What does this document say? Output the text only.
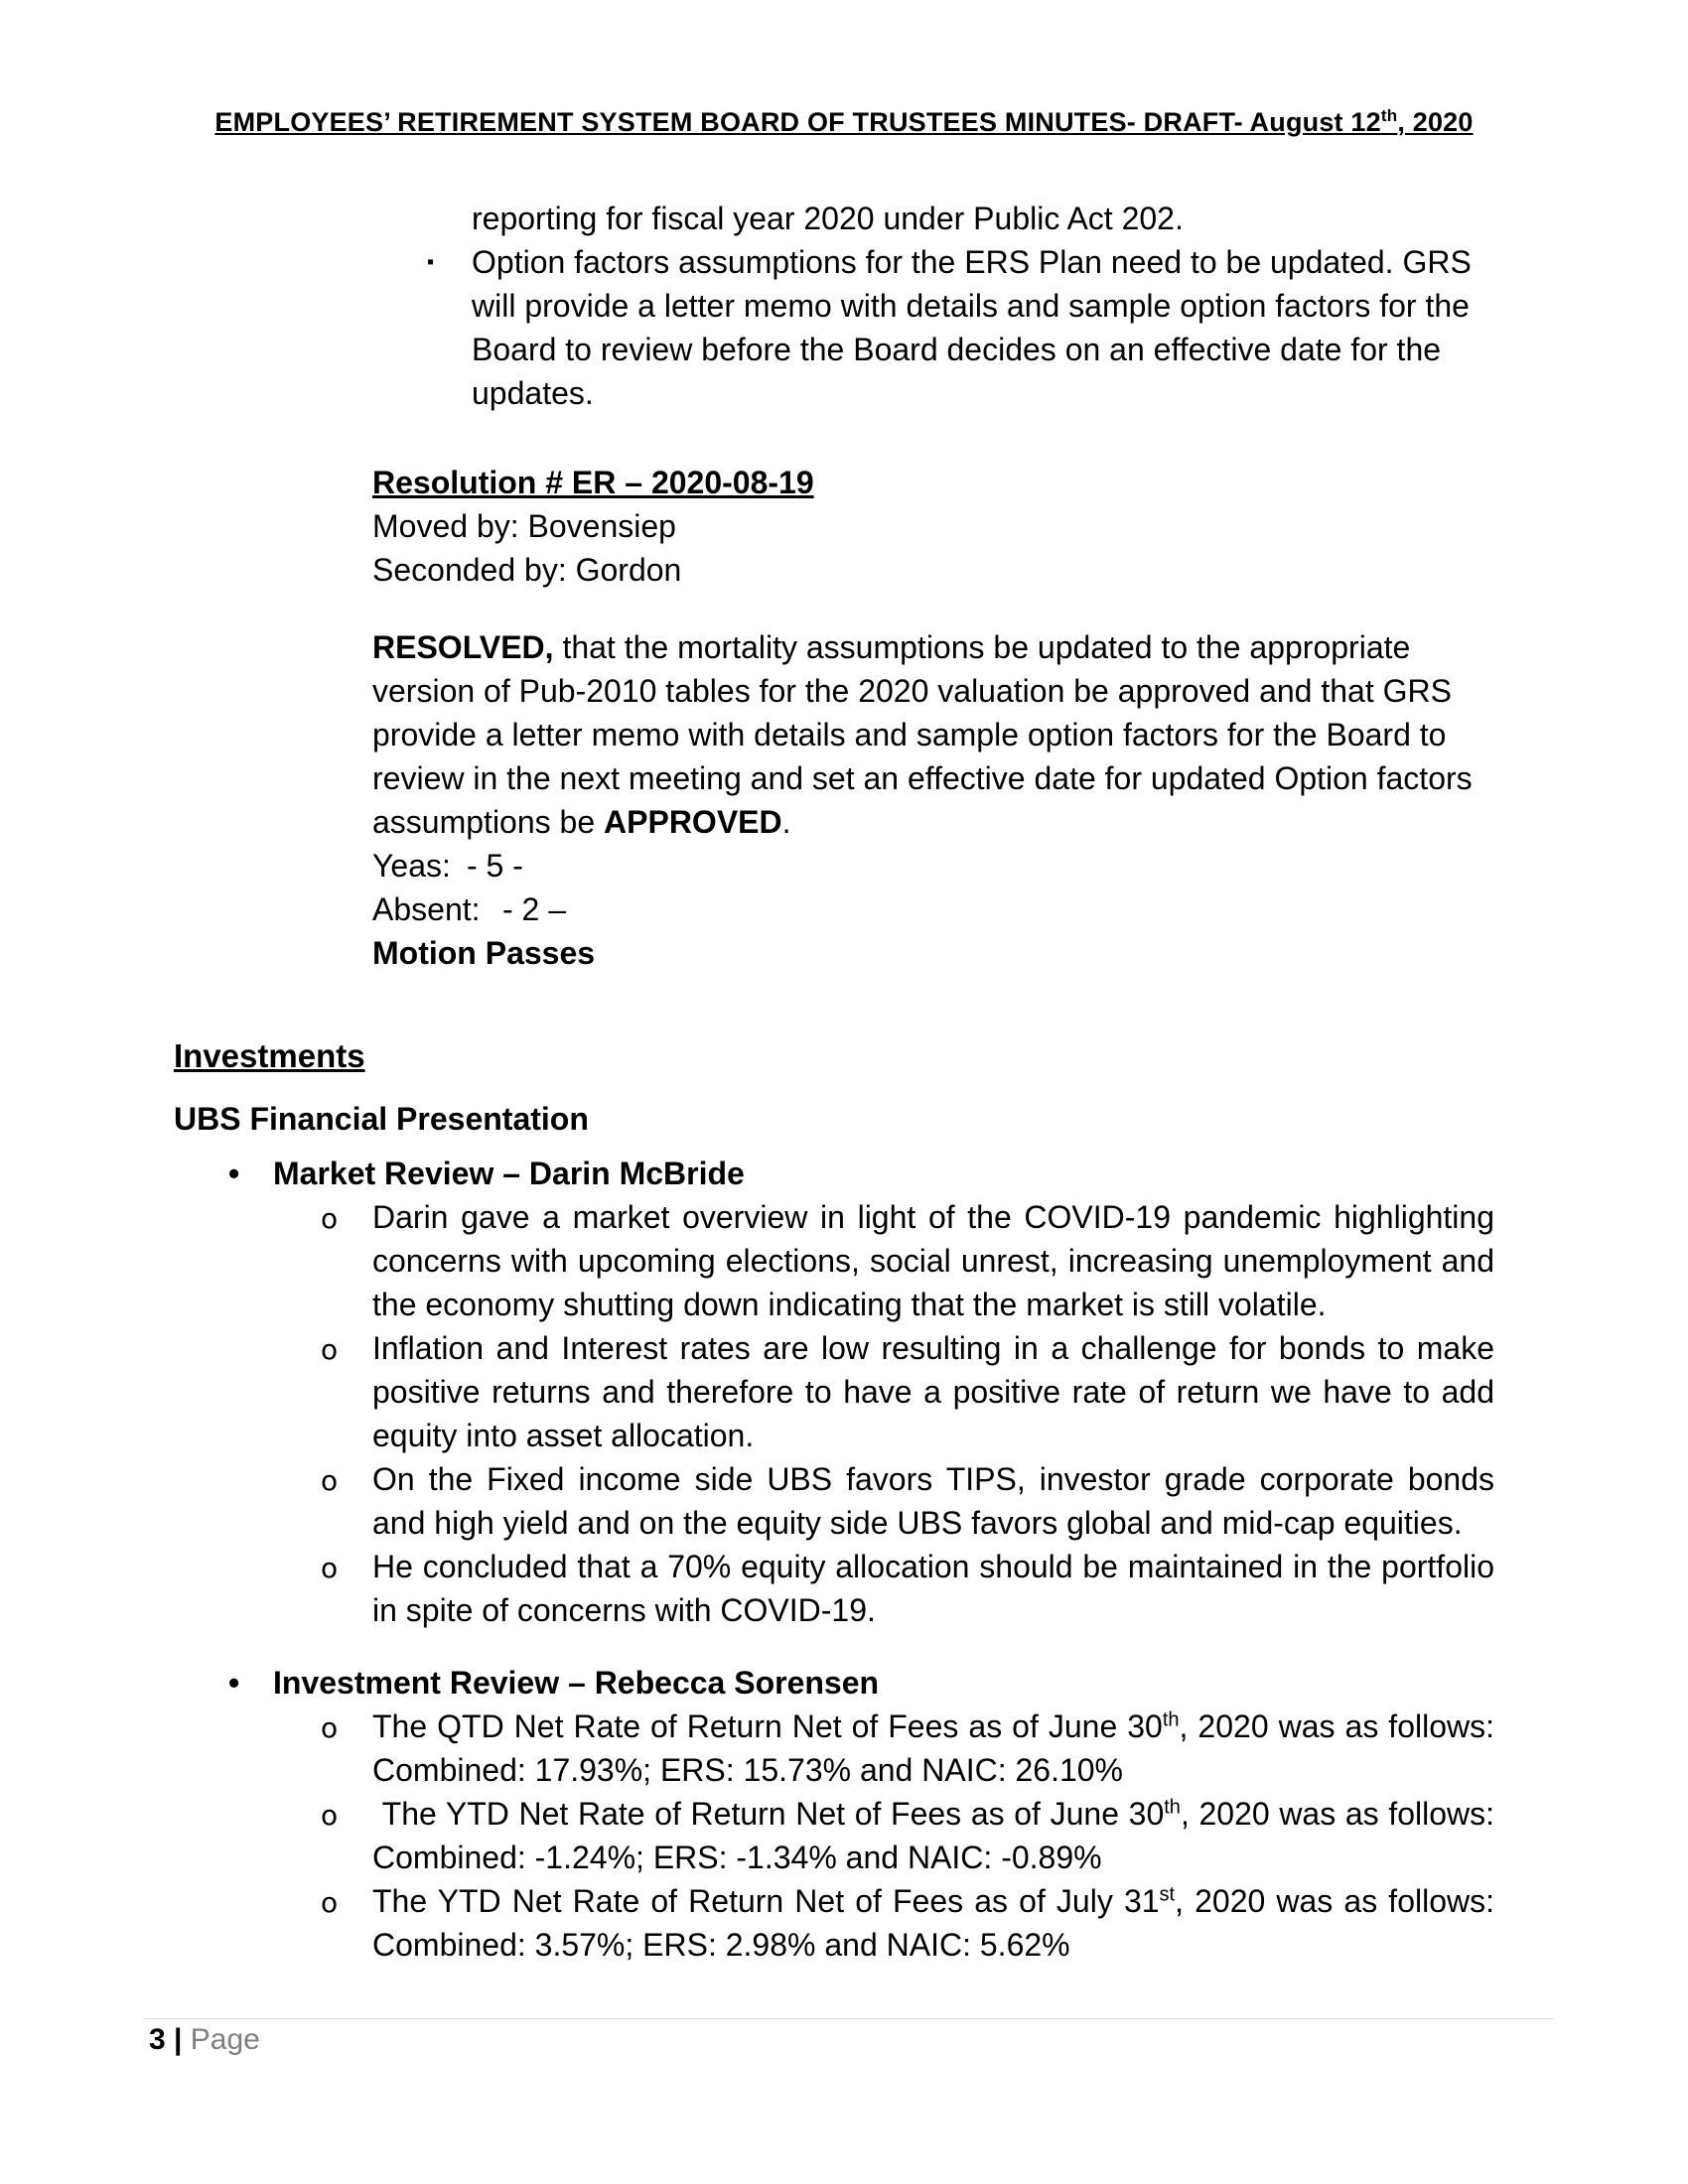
EMPLOYEES’ RETIREMENT SYSTEM BOARD OF TRUSTEES MINUTES- DRAFT- August 12th, 2020
reporting for fiscal year 2020 under Public Act 202.
▪ Option factors assumptions for the ERS Plan need to be updated. GRS will provide a letter memo with details and sample option factors for the Board to review before the Board decides on an effective date for the updates.

Resolution # ER – 2020-08-19

Moved by: Bovensiep

Seconded by: Gordon

RESOLVED, that the mortality assumptions be updated to the appropriate version of Pub-2010 tables for the 2020 valuation be approved and that GRS provide a letter memo with details and sample option factors for the Board to review in the next meeting and set an effective date for updated Option factors assumptions be APPROVED.

Yeas: - 5 -

Absent: - 2 –

Motion Passes

Investments
UBS Financial Presentation
• Market Review – Darin McBride
o Darin gave a market overview in light of the COVID-19 pandemic highlighting concerns with upcoming elections, social unrest, increasing unemployment and the economy shutting down indicating that the market is still volatile.
o Inflation and Interest rates are low resulting in a challenge for bonds to make positive returns and therefore to have a positive rate of return we have to add equity into asset allocation.
o On the Fixed income side UBS favors TIPS, investor grade corporate bonds and high yield and on the equity side UBS favors global and mid-cap equities.
o He concluded that a 70% equity allocation should be maintained in the portfolio in spite of concerns with COVID-19.
• Investment Review – Rebecca Sorensen
o The QTD Net Rate of Return Net of Fees as of June 30th, 2020 was as follows: Combined: 17.93%; ERS: 15.73% and NAIC: 26.10%
o The YTD Net Rate of Return Net of Fees as of June 30th, 2020 was as follows: Combined: -1.24%; ERS: -1.34% and NAIC: -0.89%
o The YTD Net Rate of Return Net of Fees as of July 31st, 2020 was as follows: Combined: 3.57%; ERS: 2.98% and NAIC: 5.62%
3 | Page
